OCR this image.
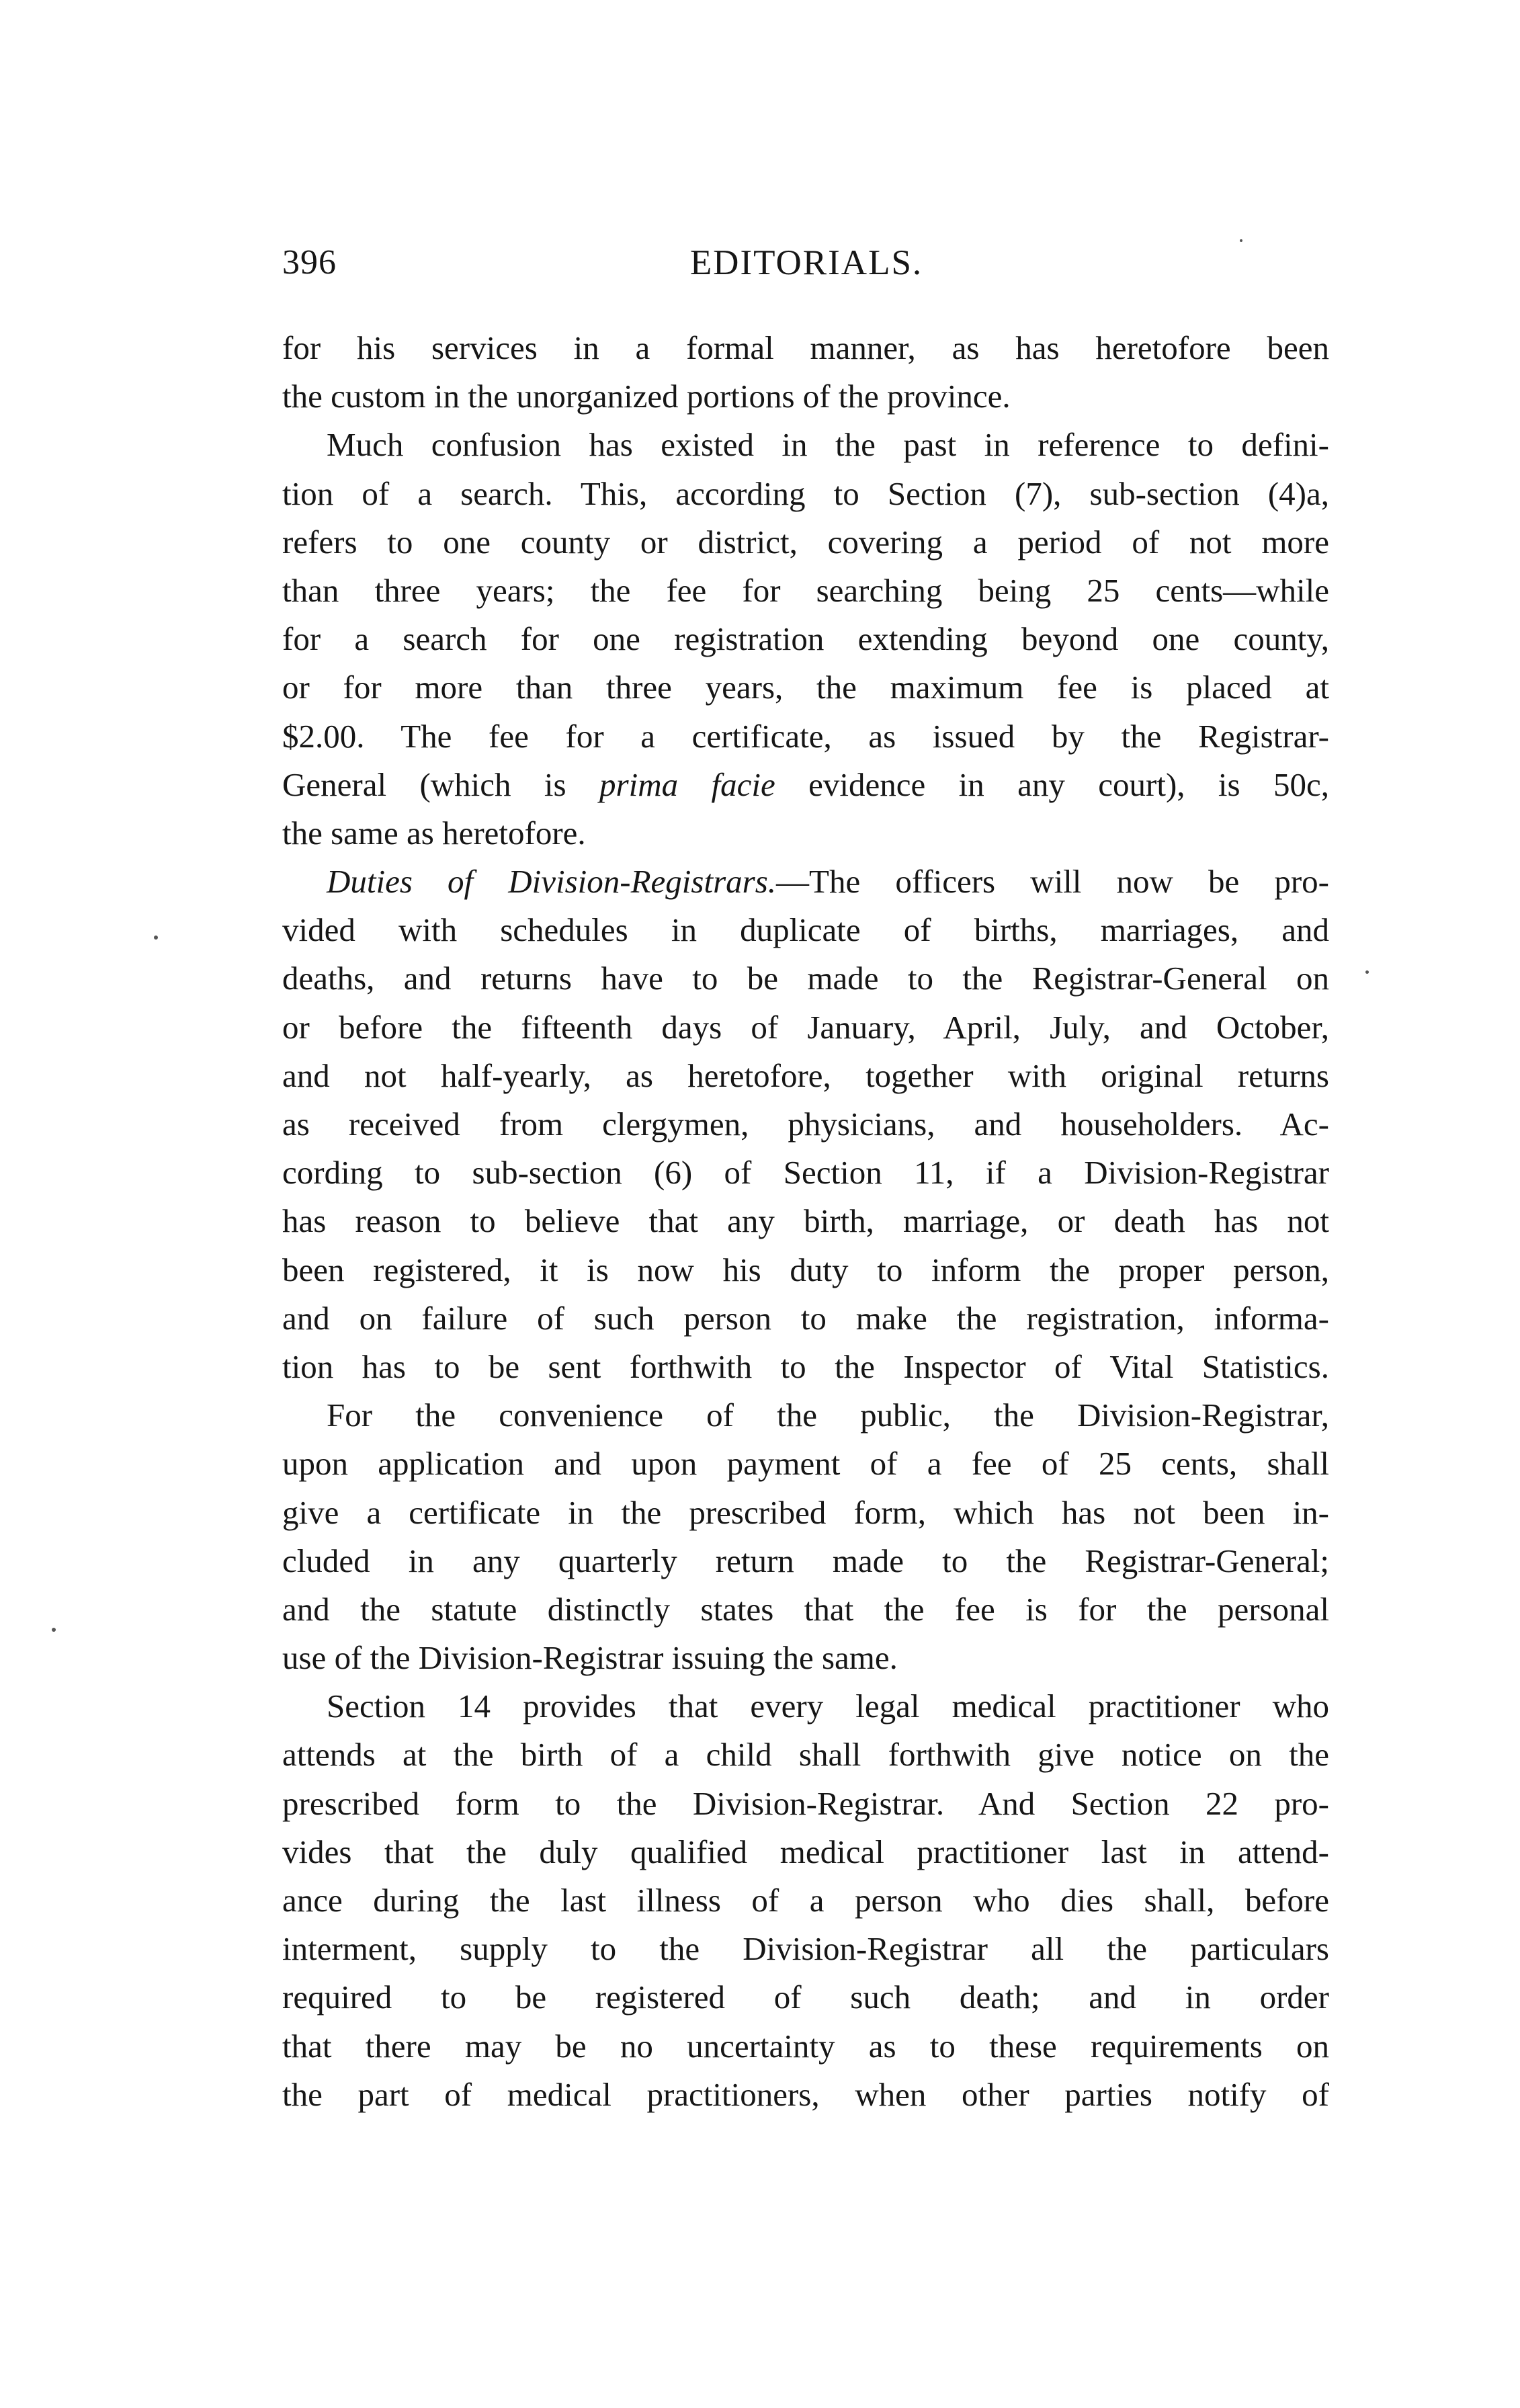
396	EDITORIALS.
for his services in a formal manner, as has heretofore been
the custom in the unorganized portions of the province.
Much confusion has existed in the past in reference to defini-
tion of a search. This, according to Section (7), sub-section (4)a,
refers to one county or district, covering a period of not more
than three years; the fee for searching being 25 cents—while
for a search for one registration extending beyond one county,
or for more than three years, the maximum fee is placed at
$2.00. The fee for a certificate, as issued by the Registrar-
General (which is prima facie evidence in any court), is 50c,
the same as heretofore.
Duties of Division-Registrars.—The officers will now be pro-
vided with schedules in duplicate of births, marriages, and
deaths, and returns have to be made to the Registrar-General on
or before the fifteenth days of January, April, July, and October,
and not half-yearly, as heretofore, together with original returns
as received from clergymen, physicians, and householders. Ac-
cording to sub-section (6) of Section 11, if a Division-Registrar
has reason to believe that any birth, marriage, or death has not
been registered, it is now his duty to inform the proper person,
and on failure of such person to make the registration, informa-
tion has to be sent forthwith to the Inspector of Vital Statistics.
For the convenience of the public, the Division-Registrar,
upon application and upon payment of a fee of 25 cents, shall
give a certificate in the prescribed form, which has not been in-
cluded in any quarterly return made to the Registrar-General;
and the statute distinctly states that the fee is for the personal
use of the Division-Registrar issuing the same.
Section 14 provides that every legal medical practitioner who
attends at the birth of a child shall forthwith give notice on the
prescribed form to the Division-Registrar. And Section 22 pro-
vides that the duly qualified medical practitioner last in attend-
ance during the last illness of a person who dies shall, before
interment, supply to the Division-Registrar all the particulars
required to be registered of such death; and in order
that there may be no uncertainty as to these requirements on
the part of medical practitioners, when other parties notify of
